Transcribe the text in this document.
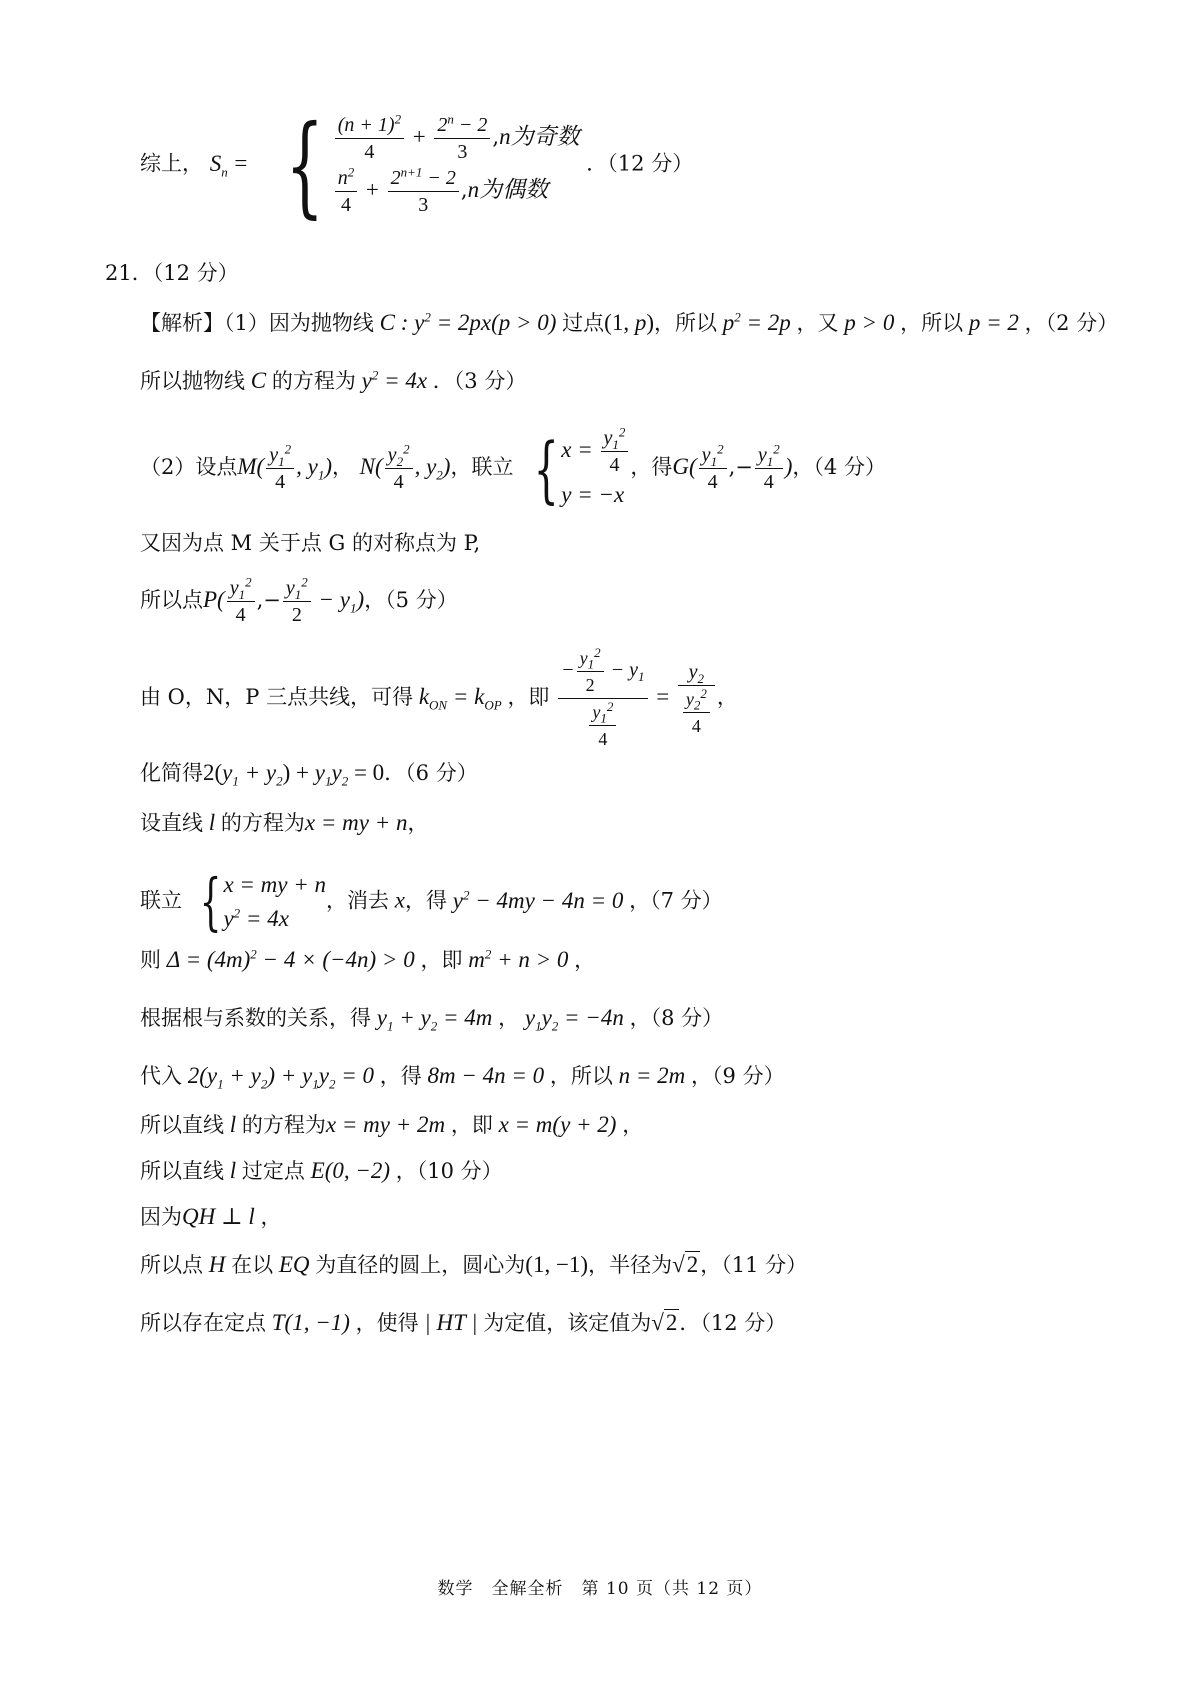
综上， $S_n$ = { $\frac{(n + 1)^2}{4} + \frac{2^n - 2}{3} ,n$为奇数
$\frac{n^2}{4} + \frac{2^{n+1} - 2}{3} ,n$为偶数
．（12 分）
21．（12 分）
【解析】（1）因为抛物线 C : $y^2 = 2px(p > 0)$ 过点(1, p)，所以 $p^2 = 2p$ ，又 p > 0 ，所以 p = 2 ，（2 分）
所以抛物线 C 的方程为 $y^2 = 4x$ ．（3 分）
（2）设点$M( \frac{y_1^2}{4}$ , $y_1$)， $N( \frac{y_2^2}{4}$ , $y_2$)，联立 { $x = \frac{y_1^2}{4}$
y = −x
，得$G( \frac{y_1^2}{4}$ ,− $\frac{y_1^2}{4}$ )，（4 分）
又因为点 M 关于点 G 的对称点为 P,
所以点$P( \frac{y_1^2}{4}$ ,− $\frac{y_1^2}{2} - y_1$)，（5 分）
由 O，N，P 三点共线，可得 $k_{ON} = k_{OP}$ ，即 $\frac{- \frac{y_1^2}{2} - y_1}{\frac{y_1^2}{4}} = \frac{y_2}{\frac{y_2^2}{4}}$ ，
化简得$2(y_1 + y_2) + y_1y_2 = 0$．（6 分）
设直线 l 的方程为x = my + n，
联立 { x = my + n
$y^2 = 4x$
，消去 x，得 $y^2 - 4my - 4n = 0$ ，（7 分）
则 $\Delta = (4m)^2 - 4 \times (-4n) > 0$ ，即 $m^2 + n > 0$ ，
根据根与系数的关系，得 $y_1 + y_2 = 4m$ ， $y_1y_2 = -4n$ ，（8 分）
代入 $2(y_1 + y_2) + y_1y_2 = 0$ ，得 8m − 4n = 0 ，所以 n = 2m ，（9 分）
所以直线 l 的方程为x = my + 2m ，即 x = m(y + 2) ，
所以直线 l 过定点 E(0, −2) ，（10 分）
因为QH ⊥ l ，
所以点 H 在以 EQ 为直径的圆上，圆心为(1, −1)，半径为√2，（11 分）
所以存在定点 T(1, −1) ，使得 | HT | 为定值，该定值为√2．（12 分）
数学　全解全析　第 10 页（共 12 页）
